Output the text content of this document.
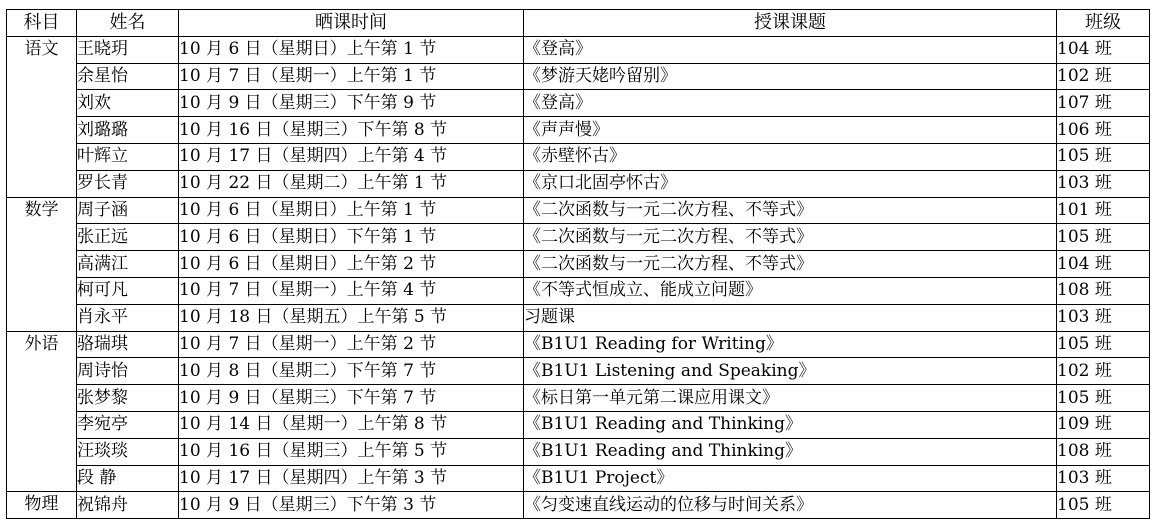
科目	姓名	晒课时间	授课课题	班级
语文	王晓玥	10 月 6 日（星期日）上午第 1 节	《登高》	104 班
	余星怡	10 月 7 日（星期一）上午第 1 节	《梦游天姥吟留别》	102 班
	刘欢	10 月 9 日（星期三）下午第 9 节	《登高》	107 班
	刘璐璐	10 月 16 日（星期三）下午第 8 节	《声声慢》	106 班
	叶辉立	10 月 17 日（星期四）上午第 4 节	《赤壁怀古》	105 班
	罗长青	10 月 22 日（星期二）上午第 1 节	《京口北固亭怀古》	103 班
数学	周子涵	10 月 6 日（星期日）上午第 1 节	《二次函数与一元二次方程、不等式》	101 班
	张正远	10 月 6 日（星期日）下午第 1 节	《二次函数与一元二次方程、不等式》	105 班
	高满江	10 月 6 日（星期日）上午第 2 节	《二次函数与一元二次方程、不等式》	104 班
	柯可凡	10 月 7 日（星期一）上午第 4 节	《不等式恒成立、能成立问题》	108 班
	肖永平	10 月 18 日（星期五）上午第 5 节	习题课	103 班
外语	骆瑞琪	10 月 7 日（星期一）上午第 2 节	《B1U1 Reading for Writing》	105 班
	周诗怡	10 月 8 日（星期二）下午第 7 节	《B1U1 Listening and Speaking》	102 班
	张梦黎	10 月 9 日（星期三）下午第 7 节	《标日第一单元第二课应用课文》	105 班
	李宛亭	10 月 14 日（星期一）上午第 8 节	《B1U1 Reading and Thinking》	109 班
	汪琰琰	10 月 16 日（星期三）上午第 5 节	《B1U1 Reading and Thinking》	108 班
	段 静	10 月 17 日（星期四）上午第 3 节	《B1U1 Project》	103 班
物理	祝锦舟	10 月 9 日（星期三）下午第 3 节	《匀变速直线运动的位移与时间关系》	105 班
